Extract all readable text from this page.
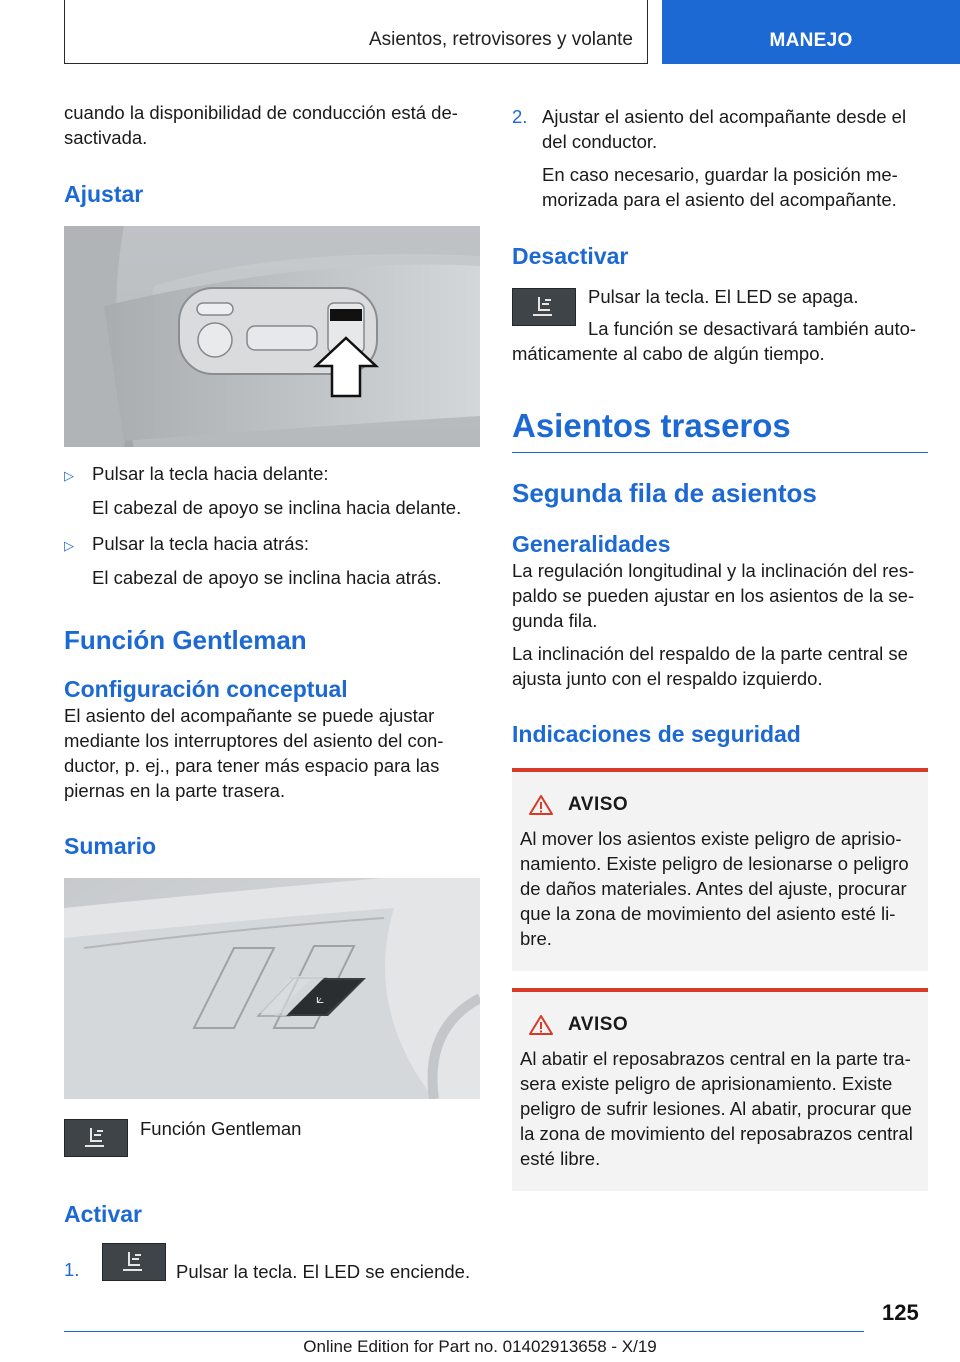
Asientos, retrovisores y volante	MANEJO

cuando la disponibilidad de conducción está de-sactivada.

Ajustar

▷ Pulsar la tecla hacia delante:

El cabezal de apoyo se inclina hacia delante.

▷ Pulsar la tecla hacia atrás:

El cabezal de apoyo se inclina hacia atrás.

Función Gentleman

Configuración conceptual

El asiento del acompañante se puede ajustar mediante los interruptores del asiento del con-ductor, p. ej., para tener más espacio para las piernas en la parte trasera.

Sumario

⟀

Función Gentleman

Activar

1.	Pulsar la tecla. El LED se enciende.

2. Ajustar el asiento del acompañante desde el del conductor.

En caso necesario, guardar la posición me-morizada para el asiento del acompañante.

Desactivar

Pulsar la tecla. El LED se apaga.

La función se desactivará también auto-máticamente al cabo de algún tiempo.

Asientos traseros

Segunda fila de asientos

Generalidades

La regulación longitudinal y la inclinación del res-paldo se pueden ajustar en los asientos de la se-gunda fila.

La inclinación del respaldo de la parte central se ajusta junto con el respaldo izquierdo.

Indicaciones de seguridad

AVISO

Al mover los asientos existe peligro de aprisio-namiento. Existe peligro de lesionarse o peligro de daños materiales. Antes del ajuste, procurar que la zona de movimiento del asiento esté li-bre.

AVISO

Al abatir el reposabrazos central en la parte tra-sera existe peligro de aprisionamiento. Existe peligro de sufrir lesiones. Al abatir, procurar que la zona de movimiento del reposabrazos central esté libre.

125
Online Edition for Part no. 01402913658 - X/19
